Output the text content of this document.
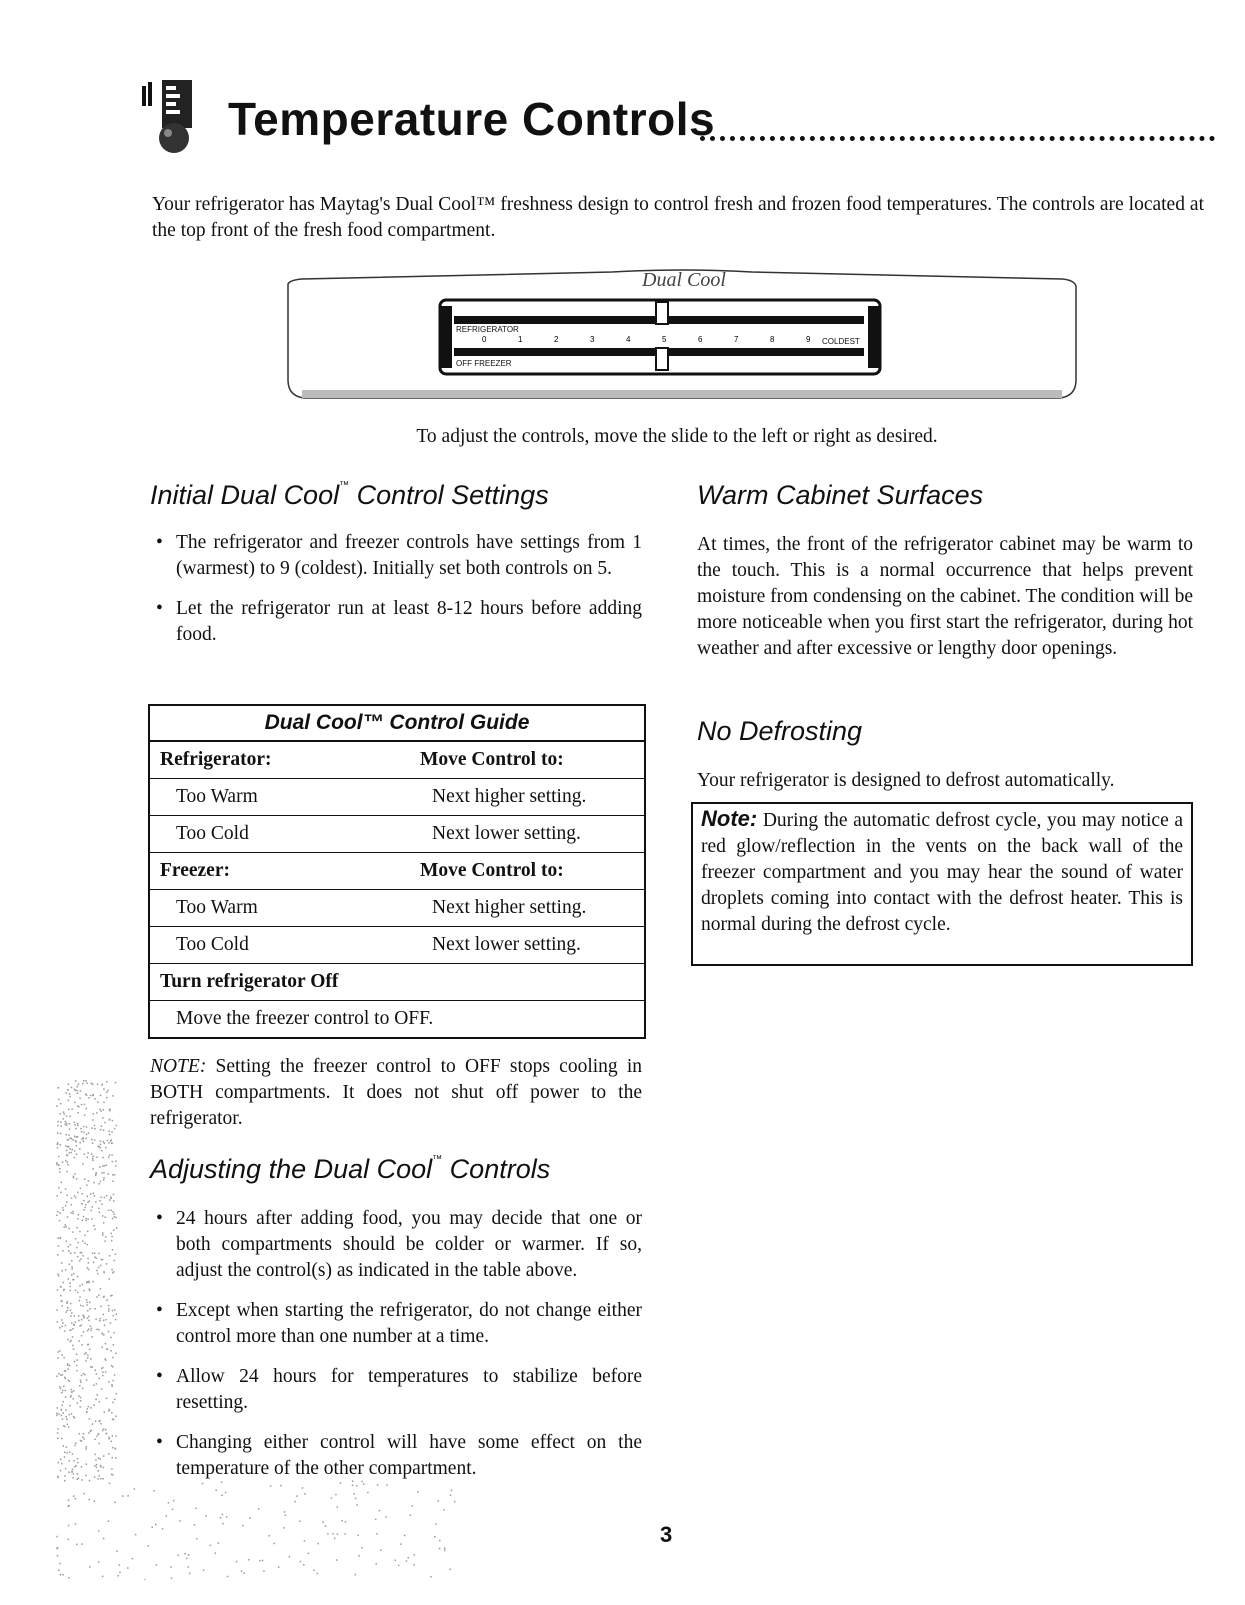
Temperature Controls
Your refrigerator has Maytag's Dual Cool™ freshness design to control fresh and frozen food temperatures. The controls are located at the top front of the fresh food compartment.
Dual Cool
REFRIGERATOR
OFF FREEZER
COLDEST
0	1	2	3	4	5	6	7	8	9
To adjust the controls, move the slide to the left or right as desired.
Initial Dual Cool™ Control Settings
• The refrigerator and freezer controls have settings from 1 (warmest) to 9 (coldest). Initially set both controls on 5.
• Let the refrigerator run at least 8-12 hours before adding food.
Dual Cool™ Control Guide
Refrigerator:	Move Control to:
Too Warm	Next higher setting.
Too Cold	Next lower setting.
Freezer:	Move Control to:
Too Warm	Next higher setting.
Too Cold	Next lower setting.
Turn refrigerator Off
Move the freezer control to OFF.
NOTE: Setting the freezer control to OFF stops cooling in BOTH compartments. It does not shut off power to the refrigerator.
Adjusting the Dual Cool™ Controls
• 24 hours after adding food, you may decide that one or both compartments should be colder or warmer. If so, adjust the control(s) as indicated in the table above.
• Except when starting the refrigerator, do not change either control more than one number at a time.
• Allow 24 hours for temperatures to stabilize before resetting.
• Changing either control will have some effect on the temperature of the other compartment.
Warm Cabinet Surfaces
At times, the front of the refrigerator cabinet may be warm to the touch. This is a normal occurrence that helps prevent moisture from condensing on the cabinet. The condition will be more noticeable when you first start the refrigerator, during hot weather and after excessive or lengthy door openings.
No Defrosting
Your refrigerator is designed to defrost automatically.
Note: During the automatic defrost cycle, you may notice a red glow/reflection in the vents on the back wall of the freezer compartment and you may hear the sound of water droplets coming into contact with the defrost heater. This is normal during the defrost cycle.
3
